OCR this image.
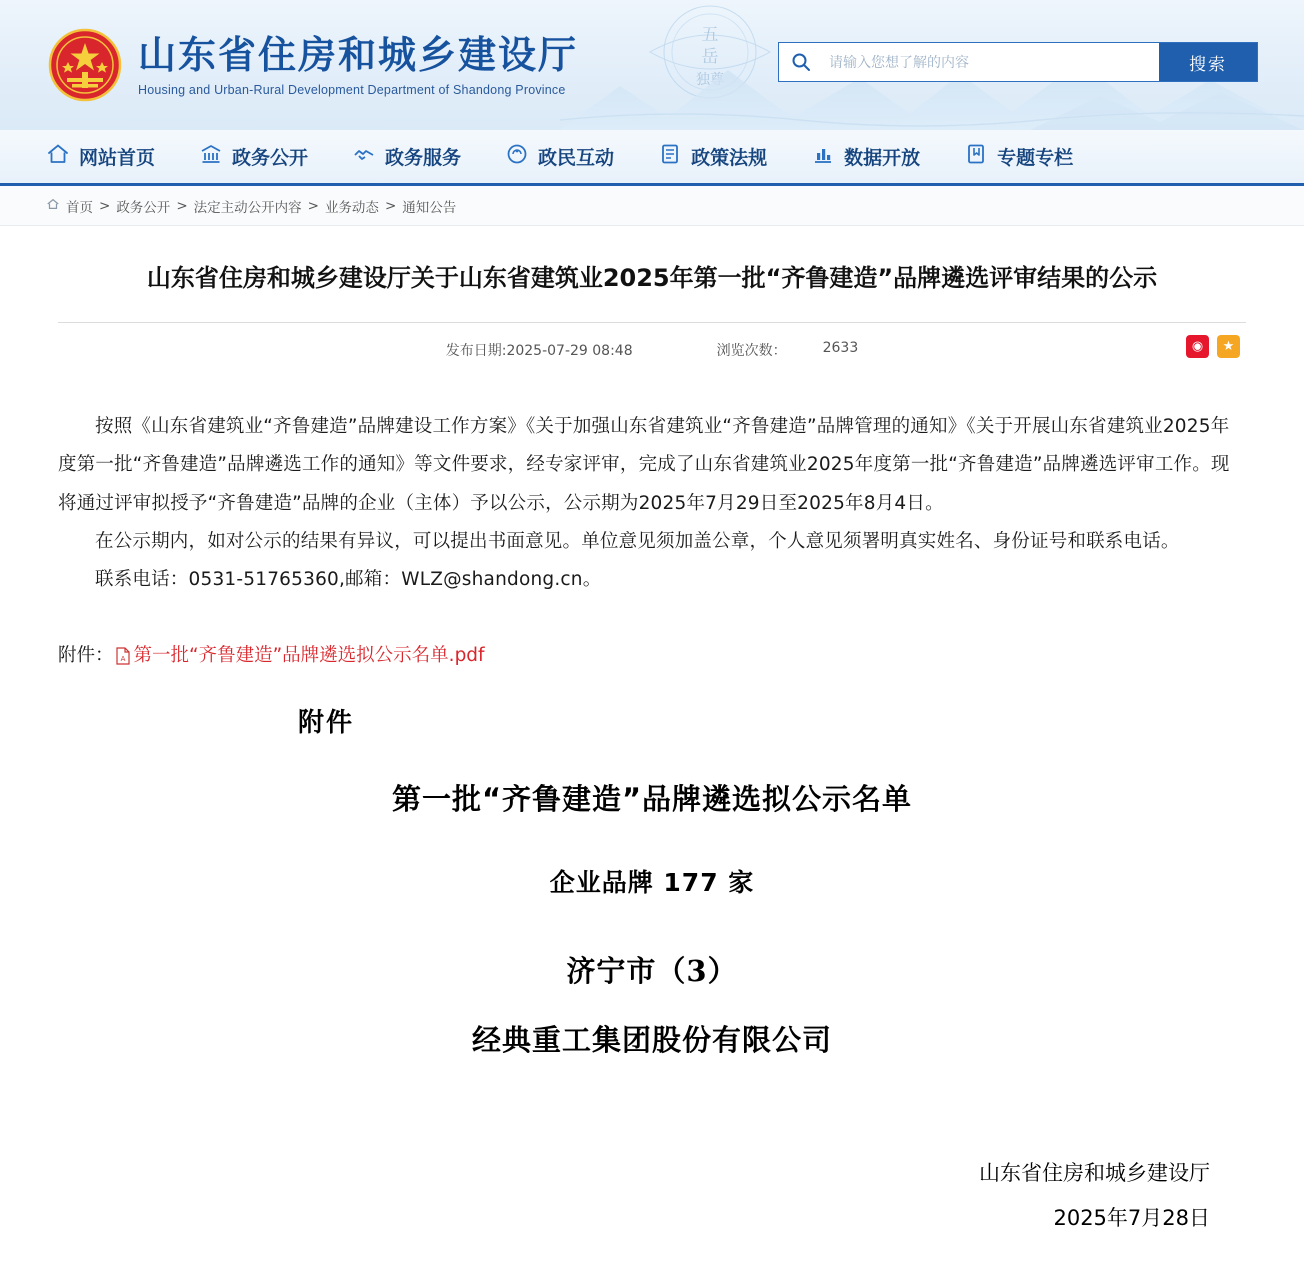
五
岳
独尊
山东省住房和城乡建设厅
Housing and Urban-Rural Development Department of Shandong Province
请输入您想了解的内容
搜索
网站首页	政务公开	政务服务	政民互动	政策法规	数据开放	专题专栏
首页 > 政务公开 > 法定主动公开内容 > 业务动态 > 通知公告
山东省住房和城乡建设厅关于山东省建筑业2025年第一批“齐鲁建造”品牌遴选评审结果的公示
发布日期:2025-07-29 08:48	浏览次数：	2633	◉	★

按照《山东省建筑业“齐鲁建造”品牌建设工作方案》《关于加强山东省建筑业“齐鲁建造”品牌管理的通知》《关于开展山东省建筑业2025年度第一批“齐鲁建造”品牌遴选工作的通知》等文件要求，经专家评审，完成了山东省建筑业2025年度第一批“齐鲁建造”品牌遴选评审工作。现将通过评审拟授予“齐鲁建造”品牌的企业（主体）予以公示，公示期为2025年7月29日至2025年8月4日。

在公示期内，如对公示的结果有异议，可以提出书面意见。单位意见须加盖公章，个人意见须署明真实姓名、身份证号和联系电话。

联系电话：0531-51765360,邮箱：WLZ@shandong.cn。

附件： A 第一批“齐鲁建造”品牌遴选拟公示名单.pdf
附件
第一批“齐鲁建造”品牌遴选拟公示名单
企业品牌 177 家
济宁市（3）
经典重工集团股份有限公司
山东省住房和城乡建设厅
2025年7月28日
